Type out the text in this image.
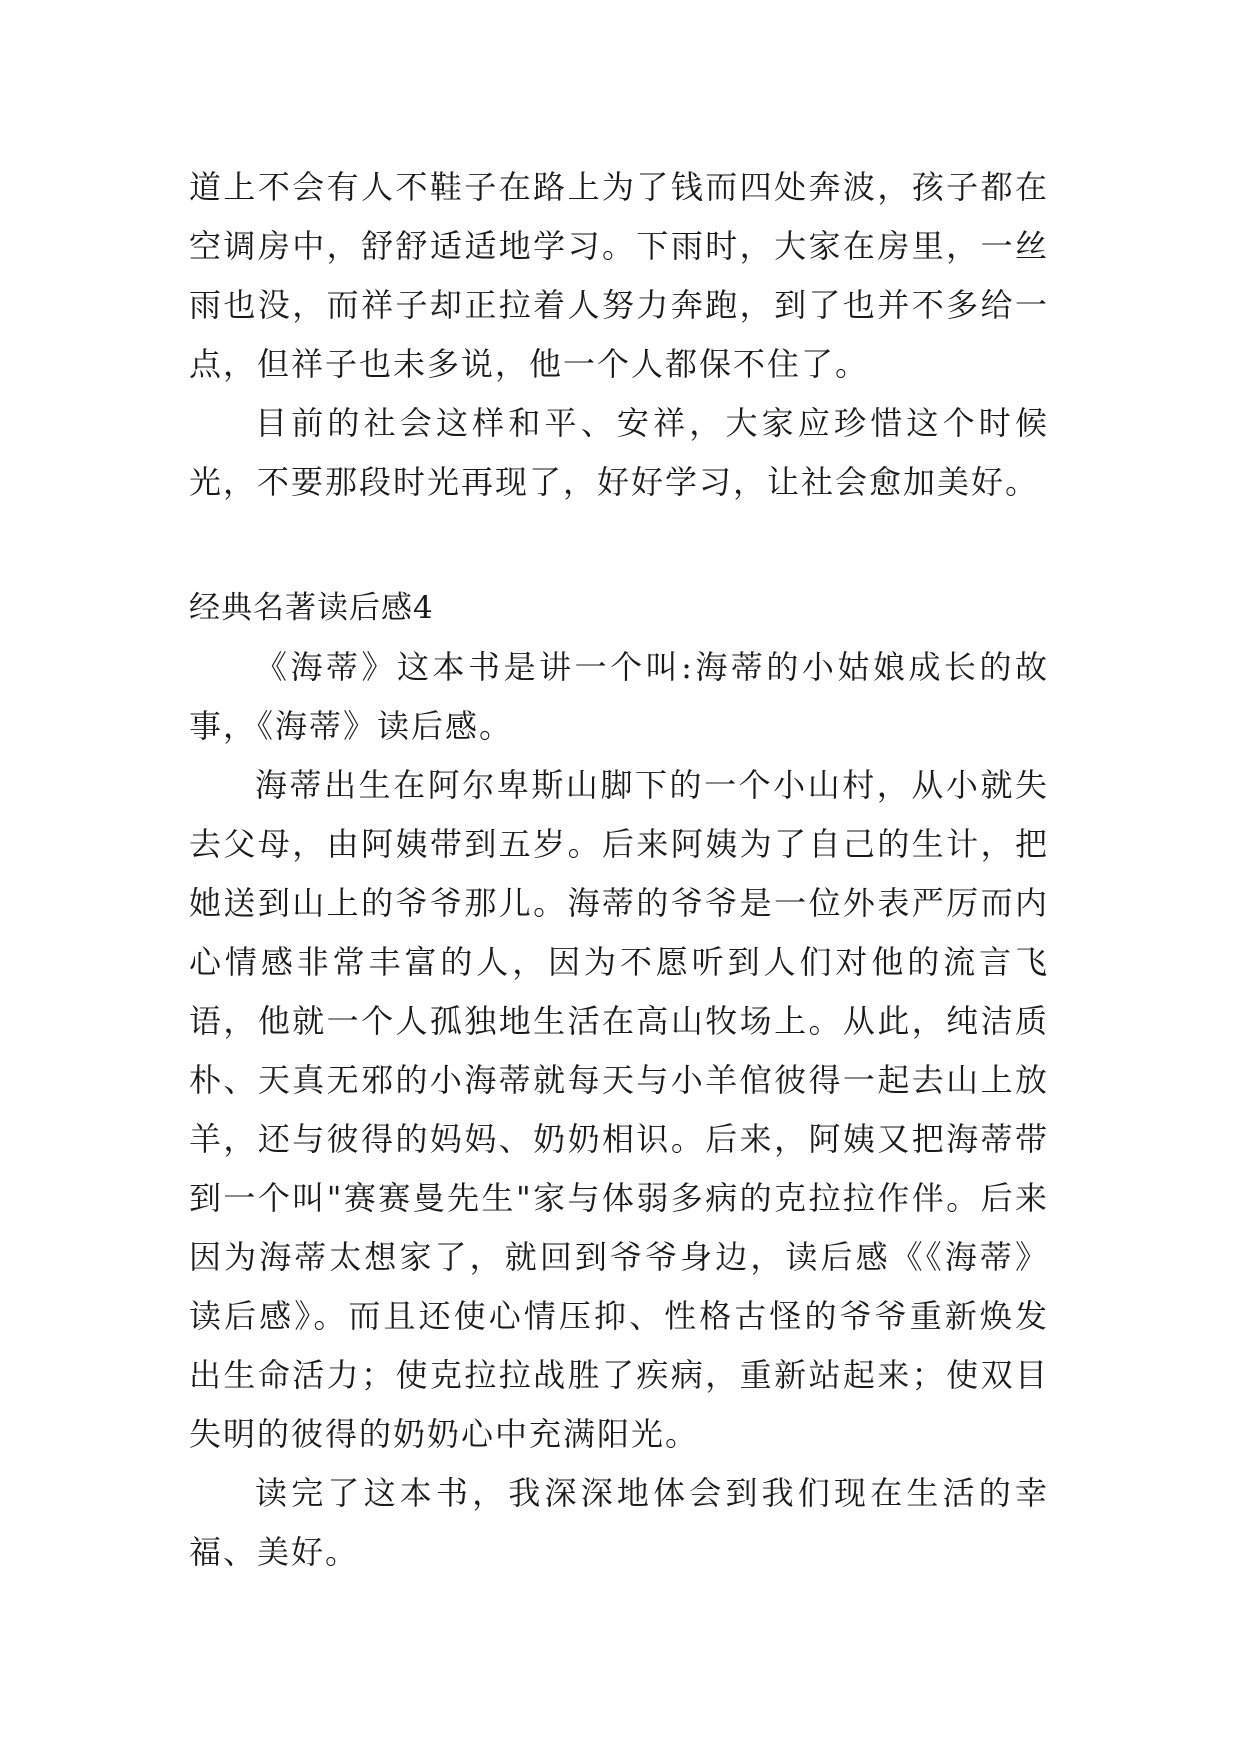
道上不会有人不鞋子在路上为了钱而四处奔波，孩子都在空调房中，舒舒适适地学习。下雨时，大家在房里，一丝雨也没，而祥子却正拉着人努力奔跑，到了也并不多给一点，但祥子也未多说，他一个人都保不住了。

目前的社会这样和平、安祥，大家应珍惜这个时候光，不要那段时光再现了，好好学习，让社会愈加美好。

经典名著读后感4

《海蒂》这本书是讲一个叫:海蒂的小姑娘成长的故事，《海蒂》读后感。

海蒂出生在阿尔卑斯山脚下的一个小山村，从小就失去父母，由阿姨带到五岁。后来阿姨为了自己的生计，把她送到山上的爷爷那儿。海蒂的爷爷是一位外表严厉而内心情感非常丰富的人，因为不愿听到人们对他的流言飞语，他就一个人孤独地生活在高山牧场上。从此，纯洁质朴、天真无邪的小海蒂就每天与小羊倌彼得一起去山上放羊，还与彼得的妈妈、奶奶相识。后来，阿姨又把海蒂带到一个叫"赛赛曼先生"家与体弱多病的克拉拉作伴。后来因为海蒂太想家了，就回到爷爷身边，读后感《《海蒂》读后感》。而且还使心情压抑、性格古怪的爷爷重新焕发出生命活力；使克拉拉战胜了疾病，重新站起来；使双目失明的彼得的奶奶心中充满阳光。

读完了这本书，我深深地体会到我们现在生活的幸福、美好。
